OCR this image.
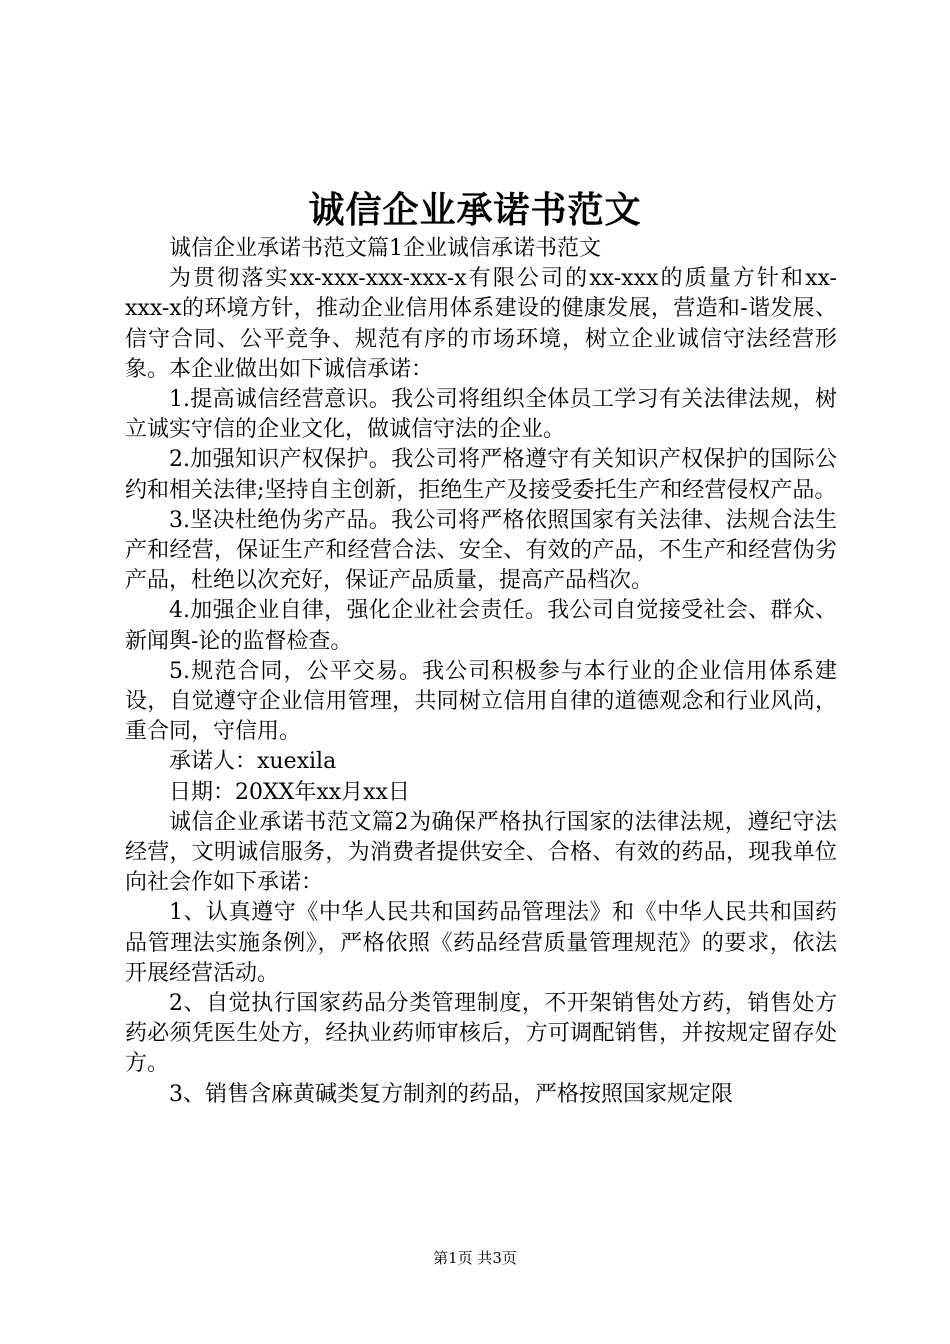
诚信企业承诺书范文

诚信企业承诺书范文篇1企业诚信承诺书范文

为贯彻落实xx-xxx-xxx-xxx-x有限公司的xx-xxx的质量方针和xx-xxx-x的环境方针，推动企业信用体系建设的健康发展，营造和-谐发展、信守合同、公平竞争、规范有序的市场环境，树立企业诚信守法经营形象。本企业做出如下诚信承诺：

1.提高诚信经营意识。我公司将组织全体员工学习有关法律法规，树立诚实守信的企业文化，做诚信守法的企业。

2.加强知识产权保护。我公司将严格遵守有关知识产权保护的国际公约和相关法律;坚持自主创新，拒绝生产及接受委托生产和经营侵权产品。

3.坚决杜绝伪劣产品。我公司将严格依照国家有关法律、法规合法生产和经营，保证生产和经营合法、安全、有效的产品，不生产和经营伪劣产品，杜绝以次充好，保证产品质量，提高产品档次。

4.加强企业自律，强化企业社会责任。我公司自觉接受社会、群众、新闻舆-论的监督检查。

5.规范合同，公平交易。我公司积极参与本行业的企业信用体系建设，自觉遵守企业信用管理，共同树立信用自律的道德观念和行业风尚，重合同，守信用。

承诺人：xuexila

日期：20XX年xx月xx日

诚信企业承诺书范文篇2为确保严格执行国家的法律法规，遵纪守法经营，文明诚信服务，为消费者提供安全、合格、有效的药品，现我单位向社会作如下承诺：

1、认真遵守《中华人民共和国药品管理法》和《中华人民共和国药品管理法实施条例》，严格依照《药品经营质量管理规范》的要求，依法开展经营活动。

2、自觉执行国家药品分类管理制度，不开架销售处方药，销售处方药必须凭医生处方，经执业药师审核后，方可调配销售，并按规定留存处方。

3、销售含麻黄碱类复方制剂的药品，严格按照国家规定限

第1页 共3页
